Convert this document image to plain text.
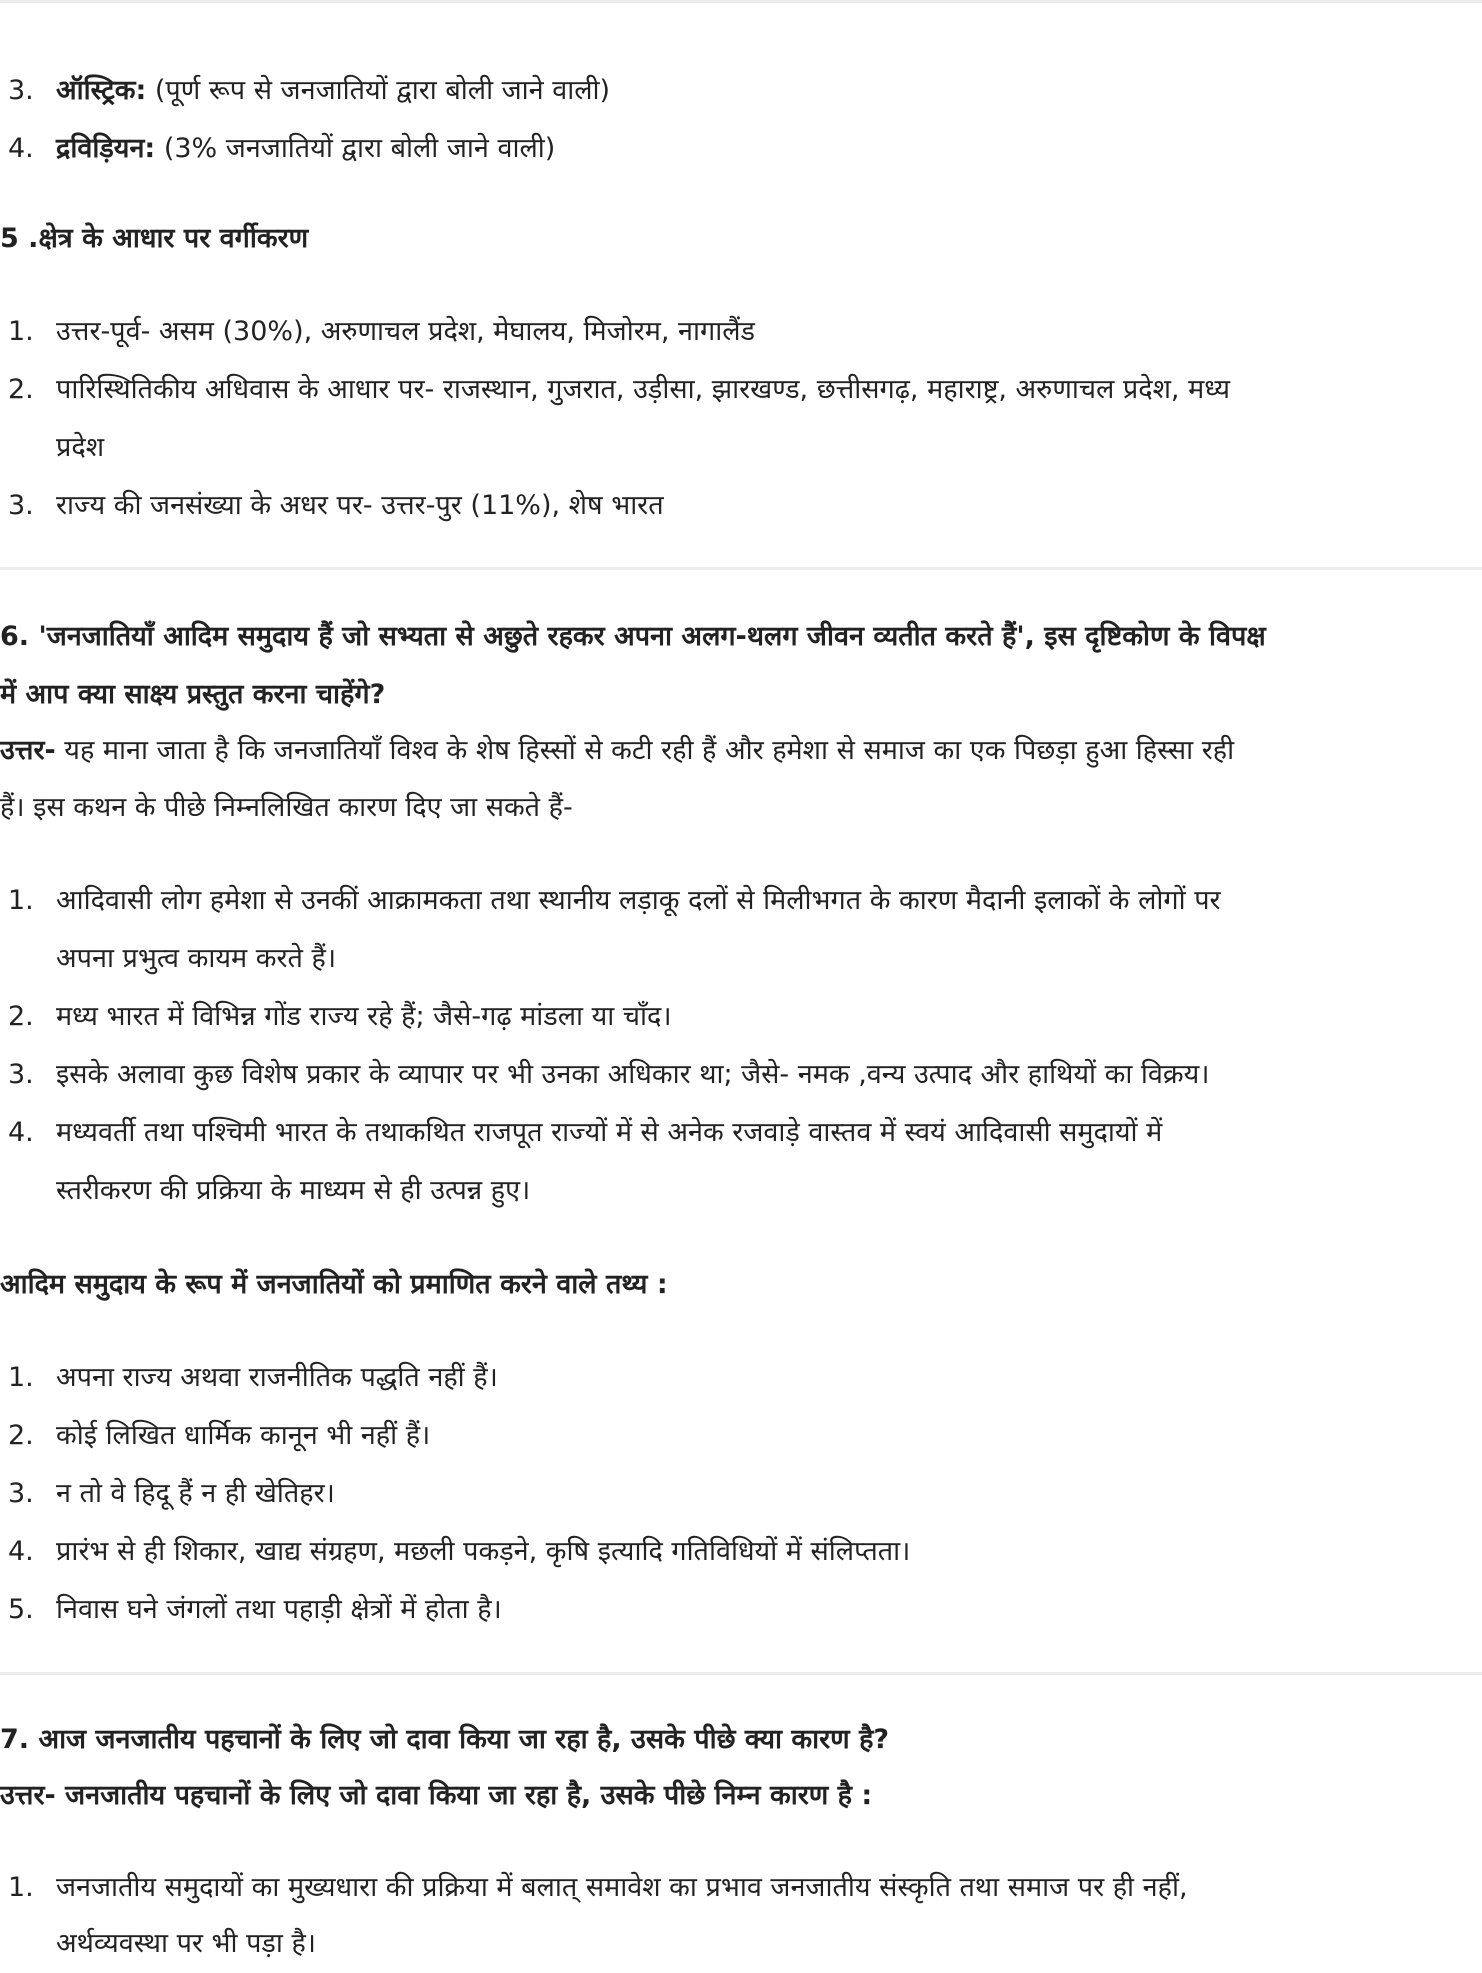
3. ऑस्ट्रिक: (पूर्ण रूप से जनजातियों द्वारा बोली जाने वाली)
4. द्रविड़ियन: (3% जनजातियों द्वारा बोली जाने वाली)
5 .क्षेत्र के आधार पर वर्गीकरण
1. उत्तर-पूर्व- असम (30%), अरुणाचल प्रदेश, मेघालय, मिजोरम, नागालैंड
2. पारिस्थितिकीय अधिवास के आधार पर- राजस्थान, गुजरात, उड़ीसा, झारखण्ड, छत्तीसगढ़, महाराष्ट्र, अरुणाचल प्रदेश, मध्य
प्रदेश
3. राज्य की जनसंख्या के अधर पर- उत्तर-पुर (11%), शेष भारत
6. 'जनजातियाँ आदिम समुदाय हैं जो सभ्यता से अछुते रहकर अपना अलग-थलग जीवन व्यतीत करते हैं', इस दृष्टिकोण के विपक्ष
में आप क्या साक्ष्य प्रस्तुत करना चाहेंगे?
उत्तर- यह माना जाता है कि जनजातियाँ विश्व के शेष हिस्सों से कटी रही हैं और हमेशा से समाज का एक पिछड़ा हुआ हिस्सा रही
हैं। इस कथन के पीछे निम्नलिखित कारण दिए जा सकते हैं-
1. आदिवासी लोग हमेशा से उनकीं आक्रामकता तथा स्थानीय लड़ाकू दलों से मिलीभगत के कारण मैदानी इलाकों के लोगों पर
अपना प्रभुत्व कायम करते हैं।
2. मध्य भारत में विभिन्न गोंड राज्य रहे हैं; जैसे-गढ़ मांडला या चाँद।
3. इसके अलावा कुछ विशेष प्रकार के व्यापार पर भी उनका अधिकार था; जैसे- नमक ,वन्य उत्पाद और हाथियों का विक्रय।
4. मध्यवर्ती तथा पश्चिमी भारत के तथाकथित राजपूत राज्यों में से अनेक रजवाड़े वास्तव में स्वयं आदिवासी समुदायों में
स्तरीकरण की प्रक्रिया के माध्यम से ही उत्पन्न हुए।
आदिम समुदाय के रूप में जनजातियों को प्रमाणित करने वाले तथ्य :
1. अपना राज्य अथवा राजनीतिक पद्धति नहीं हैं।
2. कोई लिखित धार्मिक कानून भी नहीं हैं।
3. न तो वे हिदू हैं न ही खेतिहर।
4. प्रारंभ से ही शिकार, खाद्य संग्रहण, मछली पकड़ने, कृषि इत्यादि गतिविधियों में संलिप्तता।
5. निवास घने जंगलों तथा पहाड़ी क्षेत्रों में होता है।
7. आज जनजातीय पहचानों के लिए जो दावा किया जा रहा है, उसके पीछे क्या कारण है?
उत्तर- जनजातीय पहचानों के लिए जो दावा किया जा रहा है, उसके पीछे निम्न कारण है :
1. जनजातीय समुदायों का मुख्यधारा की प्रक्रिया में बलात् समावेश का प्रभाव जनजातीय संस्कृति तथा समाज पर ही नहीं,
अर्थव्यवस्था पर भी पड़ा है।
